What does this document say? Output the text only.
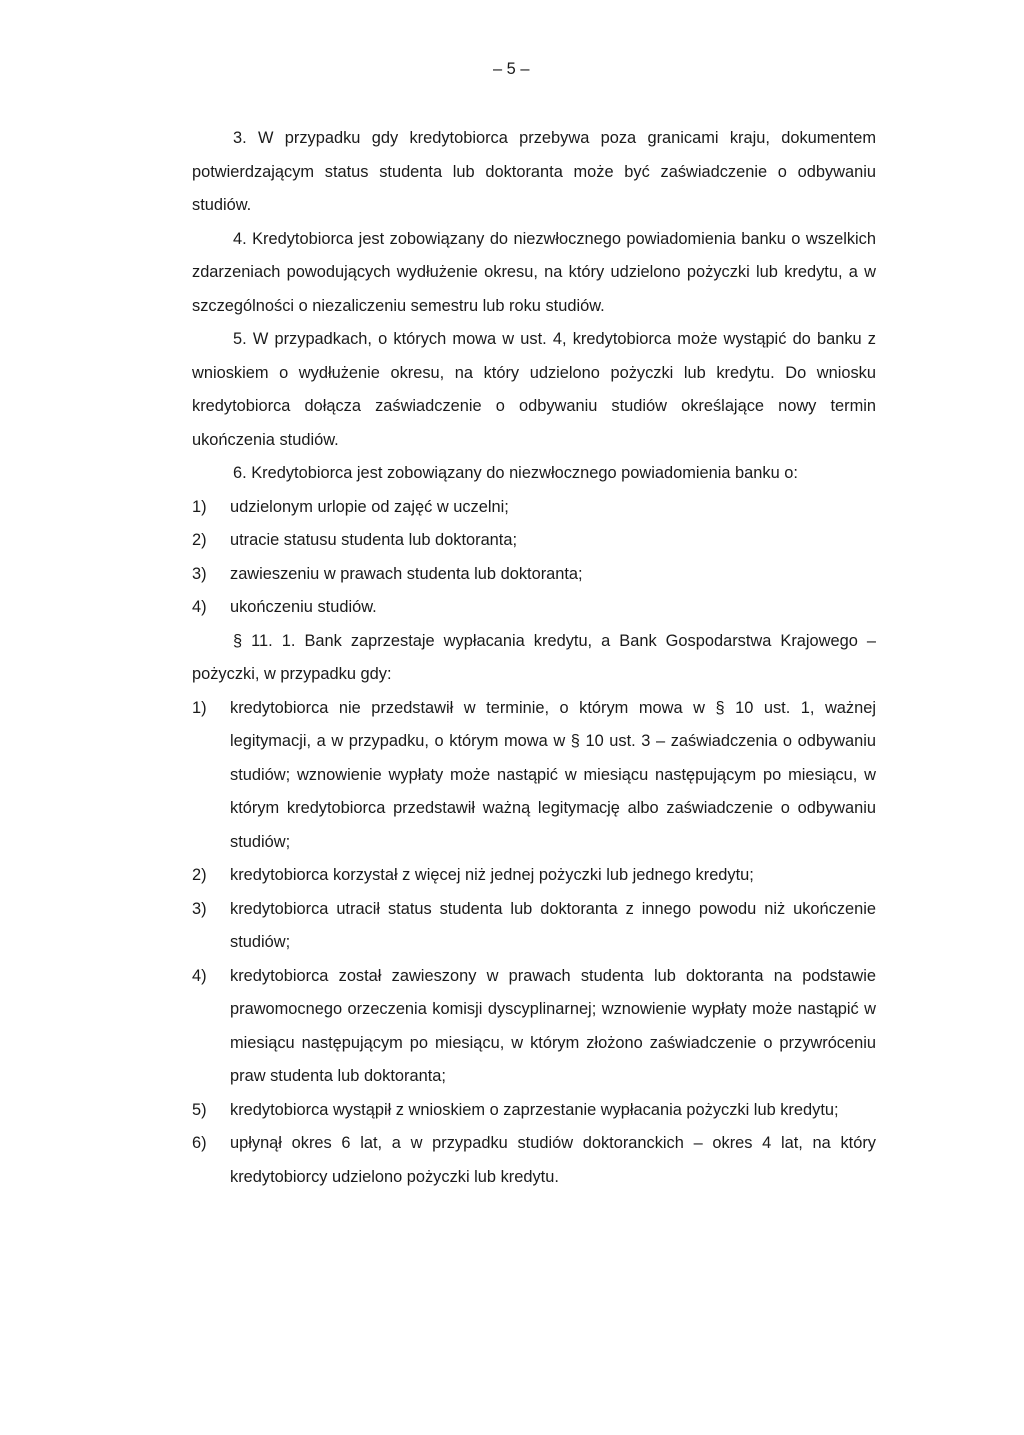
– 5 –

3. W przypadku gdy kredytobiorca przebywa poza granicami kraju, dokumentem potwierdzającym status studenta lub doktoranta może być zaświadczenie o odbywaniu studiów.

4. Kredytobiorca jest zobowiązany do niezwłocznego powiadomienia banku o wszelkich zdarzeniach powodujących wydłużenie okresu, na który udzielono pożyczki lub kredytu, a w szczególności o niezaliczeniu semestru lub roku studiów.

5. W przypadkach, o których mowa w ust. 4, kredytobiorca może wystąpić do banku z wnioskiem o wydłużenie okresu, na który udzielono pożyczki lub kredytu. Do wniosku kredytobiorca dołącza zaświadczenie o odbywaniu studiów określające nowy termin ukończenia studiów.

6. Kredytobiorca jest zobowiązany do niezwłocznego powiadomienia banku o:

1)	udzielonym urlopie od zajęć w uczelni;
2)	utracie statusu studenta lub doktoranta;
3)	zawieszeniu w prawach studenta lub doktoranta;
4)	ukończeniu studiów.

§ 11. 1. Bank zaprzestaje wypłacania kredytu, a Bank Gospodarstwa Krajowego – pożyczki, w przypadku gdy:

1)	kredytobiorca nie przedstawił w terminie, o którym mowa w § 10 ust. 1, ważnej legitymacji, a w przypadku, o którym mowa w § 10 ust. 3 – zaświadczenia o odbywaniu studiów; wznowienie wypłaty może nastąpić w miesiącu następującym po miesiącu, w którym kredytobiorca przedstawił ważną legitymację albo zaświadczenie o odbywaniu studiów;
2)	kredytobiorca korzystał z więcej niż jednej pożyczki lub jednego kredytu;
3)	kredytobiorca utracił status studenta lub doktoranta z innego powodu niż ukończenie studiów;
4)	kredytobiorca został zawieszony w prawach studenta lub doktoranta na podstawie prawomocnego orzeczenia komisji dyscyplinarnej; wznowienie wypłaty może nastąpić w miesiącu następującym po miesiącu, w którym złożono zaświadczenie o przywróceniu praw studenta lub doktoranta;
5)	kredytobiorca wystąpił z wnioskiem o zaprzestanie wypłacania pożyczki lub kredytu;
6)	upłynął okres 6 lat, a w przypadku studiów doktoranckich – okres 4 lat, na który kredytobiorcy udzielono pożyczki lub kredytu.
